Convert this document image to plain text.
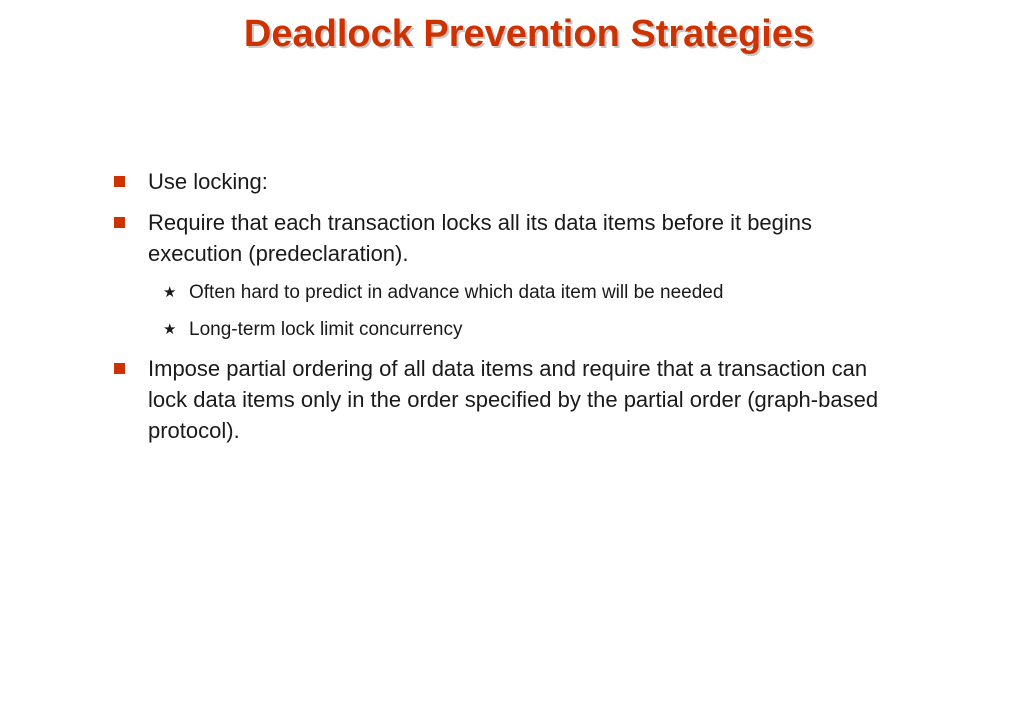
Deadlock Prevention Strategies
Use locking:
Require that each transaction locks all its data items before it begins execution (predeclaration).
★ Often hard to predict in advance which data item will be needed
★ Long-term lock limit concurrency
Impose partial ordering of all data items and require that a transaction can lock data items only in the order specified by the partial order (graph-based protocol).
